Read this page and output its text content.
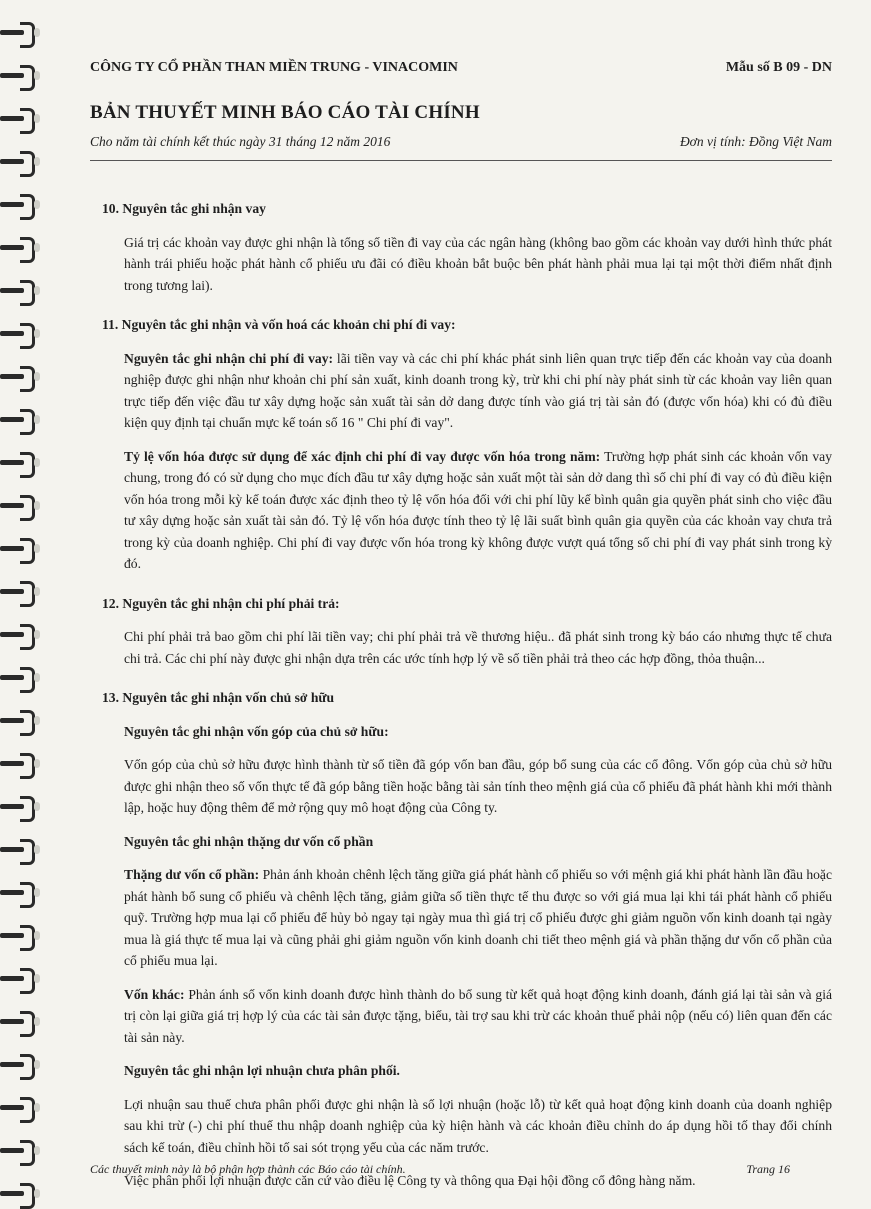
CÔNG TY CỔ PHẦN THAN MIỀN TRUNG - VINACOMIN	Mẫu số B 09 - DN
BẢN THUYẾT MINH BÁO CÁO TÀI CHÍNH
Cho năm tài chính kết thúc ngày 31 tháng 12 năm 2016	Đơn vị tính: Đồng Việt Nam
10. Nguyên tắc ghi nhận vay
Giá trị các khoản vay được ghi nhận là tổng số tiền đi vay của các ngân hàng (không bao gồm các khoản vay dưới hình thức phát hành trái phiếu hoặc phát hành cổ phiếu ưu đãi có điều khoản bắt buộc bên phát hành phải mua lại tại một thời điểm nhất định trong tương lai).
11. Nguyên tắc ghi nhận và vốn hoá các khoản chi phí đi vay:
Nguyên tắc ghi nhận chi phí đi vay: lãi tiền vay và các chi phí khác phát sinh liên quan trực tiếp đến các khoản vay của doanh nghiệp được ghi nhận như khoản chi phí sản xuất, kinh doanh trong kỳ, trừ khi chi phí này phát sinh từ các khoản vay liên quan trực tiếp đến việc đầu tư xây dựng hoặc sản xuất tài sản dở dang được tính vào giá trị tài sản đó (được vốn hóa) khi có đủ điều kiện quy định tại chuẩn mực kế toán số 16 " Chi phí đi vay".
Tỷ lệ vốn hóa được sử dụng để xác định chi phí đi vay được vốn hóa trong năm: Trường hợp phát sinh các khoản vốn vay chung, trong đó có sử dụng cho mục đích đầu tư xây dựng hoặc sản xuất một tài sản dở dang thì số chi phí đi vay có đủ điều kiện vốn hóa trong mỗi kỳ kế toán được xác định theo tỷ lệ vốn hóa đối với chi phí lũy kế bình quân gia quyền phát sinh cho việc đầu tư xây dựng hoặc sản xuất tài sản đó. Tỷ lệ vốn hóa được tính theo tỷ lệ lãi suất bình quân gia quyền của các khoản vay chưa trả trong kỳ của doanh nghiệp. Chi phí đi vay được vốn hóa trong kỳ không được vượt quá tổng số chi phí đi vay phát sinh trong kỳ đó.
12. Nguyên tắc ghi nhận chi phí phải trả:
Chi phí phải trả bao gồm chi phí lãi tiền vay; chi phí phải trả về thương hiệu.. đã phát sinh trong kỳ báo cáo nhưng thực tế chưa chi trả. Các chi phí này được ghi nhận dựa trên các ước tính hợp lý về số tiền phải trả theo các hợp đồng, thỏa thuận...
13. Nguyên tắc ghi nhận vốn chủ sở hữu
Nguyên tắc ghi nhận vốn góp của chủ sở hữu:
Vốn góp của chủ sở hữu được hình thành từ số tiền đã góp vốn ban đầu, góp bổ sung của các cổ đông. Vốn góp của chủ sở hữu được ghi nhận theo số vốn thực tế đã góp bằng tiền hoặc bằng tài sản tính theo mệnh giá của cổ phiếu đã phát hành khi mới thành lập, hoặc huy động thêm để mở rộng quy mô hoạt động của Công ty.
Nguyên tắc ghi nhận thặng dư vốn cổ phần
Thặng dư vốn cổ phần: Phản ánh khoản chênh lệch tăng giữa giá phát hành cổ phiếu so với mệnh giá khi phát hành lần đầu hoặc phát hành bổ sung cổ phiếu và chênh lệch tăng, giảm giữa số tiền thực tế thu được so với giá mua lại khi tái phát hành cổ phiếu quỹ. Trường hợp mua lại cổ phiếu để hủy bỏ ngay tại ngày mua thì giá trị cổ phiếu được ghi giảm nguồn vốn kinh doanh tại ngày mua là giá thực tế mua lại và cũng phải ghi giảm nguồn vốn kinh doanh chi tiết theo mệnh giá và phần thặng dư vốn cổ phần của cổ phiếu mua lại.
Vốn khác: Phản ánh số vốn kinh doanh được hình thành do bổ sung từ kết quả hoạt động kinh doanh, đánh giá lại tài sản và giá trị còn lại giữa giá trị hợp lý của các tài sản được tặng, biếu, tài trợ sau khi trừ các khoản thuế phải nộp (nếu có) liên quan đến các tài sản này.
Nguyên tắc ghi nhận lợi nhuận chưa phân phối.
Lợi nhuận sau thuế chưa phân phối được ghi nhận là số lợi nhuận (hoặc lỗ) từ kết quả hoạt động kinh doanh của doanh nghiệp sau khi trừ (-) chi phí thuế thu nhập doanh nghiệp của kỳ hiện hành và các khoản điều chỉnh do áp dụng hồi tố thay đổi chính sách kế toán, điều chỉnh hồi tố sai sót trọng yếu của các năm trước.
Việc phân phối lợi nhuận được căn cứ vào điều lệ Công ty và thông qua Đại hội đồng cổ đông hàng năm.
Các thuyết minh này là bộ phận hợp thành các Báo cáo tài chính.	Trang 16
